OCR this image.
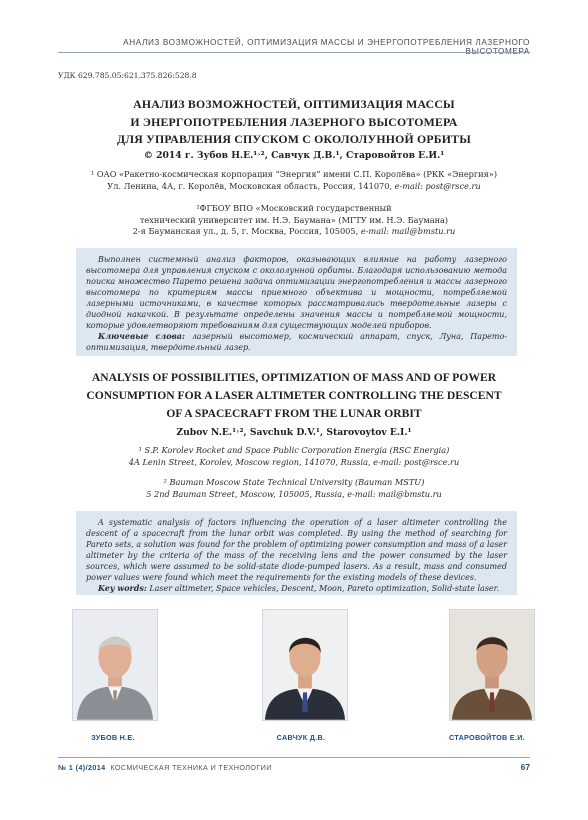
АНАЛИЗ ВОЗМОЖНОСТЕЙ, ОПТИМИЗАЦИЯ МАССЫ И ЭНЕРГОПОТРЕБЛЕНИЯ ЛАЗЕРНОГО ВЫСОТОМЕРА
УДК 629.785.05:621.375.826:528.8
АНАЛИЗ ВОЗМОЖНОСТЕЙ, ОПТИМИЗАЦИЯ МАССЫ
И ЭНЕРГОПОТРЕБЛЕНИЯ ЛАЗЕРНОГО ВЫСОТОМЕРА
ДЛЯ УПРАВЛЕНИЯ СПУСКОМ С ОКОЛОЛУННОЙ ОРБИТЫ
© 2014 г. Зубов Н.Е.¹˒², Савчук Д.В.¹, Старовойтов Е.И.¹
¹ ОАО «Ракетно-космическая корпорация “Энергия” имени С.П. Королёва» (РКК «Энергия»)
Ул. Ленина, 4А, г. Королёв, Московская область, Россия, 141070, e-mail: post@rsce.ru
²ФГБОУ ВПО «Московский государственный
технический университет им. Н.Э. Баумана» (МГТУ им. Н.Э. Баумана)
2-я Бауманская ул., д. 5, г. Москва, Россия, 105005, e-mail: mail@bmstu.ru

Выполнен системный анализ факторов, оказывающих влияние на работу лазерного высотомера для управления спуском с окололунной орбиты. Благодаря использованию метода поиска множество Парето решена задача оптимизации энергопотребления и массы лазерного высотомера по критериям массы приемного объектива и мощности, потребляемой лазерными источниками, в качестве которых рассматривались твердотельные лазеры с диодной накачкой. В результате определены значения массы и потребляемой мощности, которые удовлетворяют требованиям для существующих моделей приборов.

Ключевые слова: лазерный высотомер, космический аппарат, спуск, Луна, Парето-оптимизация, твердотельный лазер.

ANALYSIS OF POSSIBILITIES, OPTIMIZATION OF MASS AND OF POWER
CONSUMPTION FOR A LASER ALTIMETER CONTROLLING THE DESCENT
OF A SPACECRAFT FROM THE LUNAR ORBIT
Zubov N.E.¹˒², Savchuk D.V.¹, Starovoytov E.I.¹
¹ S.P. Korolev Rocket and Space Public Corporation Energia (RSC Energia)
4A Lenin Street, Korolev, Moscow region, 141070, Russia, e-mail: post@rsce.ru
² Bauman Moscow State Technical University (Bauman MSTU)
5 2nd Bauman Street, Moscow, 105005, Russia, e-mail: mail@bmstu.ru

A systematic analysis of factors influencing the operation of a laser altimeter controlling the descent of a spacecraft from the lunar orbit was completed. By using the method of searching for Pareto sets, a solution was found for the problem of optimizing power consumption and mass of a laser altimeter by the criteria of the mass of the receiving lens and the power consumed by the laser sources, which were assumed to be solid-state diode-pumped lasers. As a result, mass and consumed power values were found which meet the requirements for the existing models of these devices.

Key words: Laser altimeter, Space vehicles, Descent, Moon, Pareto optimization, Solid-state laser.

ЗУБОВ Н.Е.	САВЧУК Д.В.	СТАРОВОЙТОВ Е.И.
№ 1 (4)/2014 КОСМИЧЕСКАЯ ТЕХНИКА И ТЕХНОЛОГИИ	67
